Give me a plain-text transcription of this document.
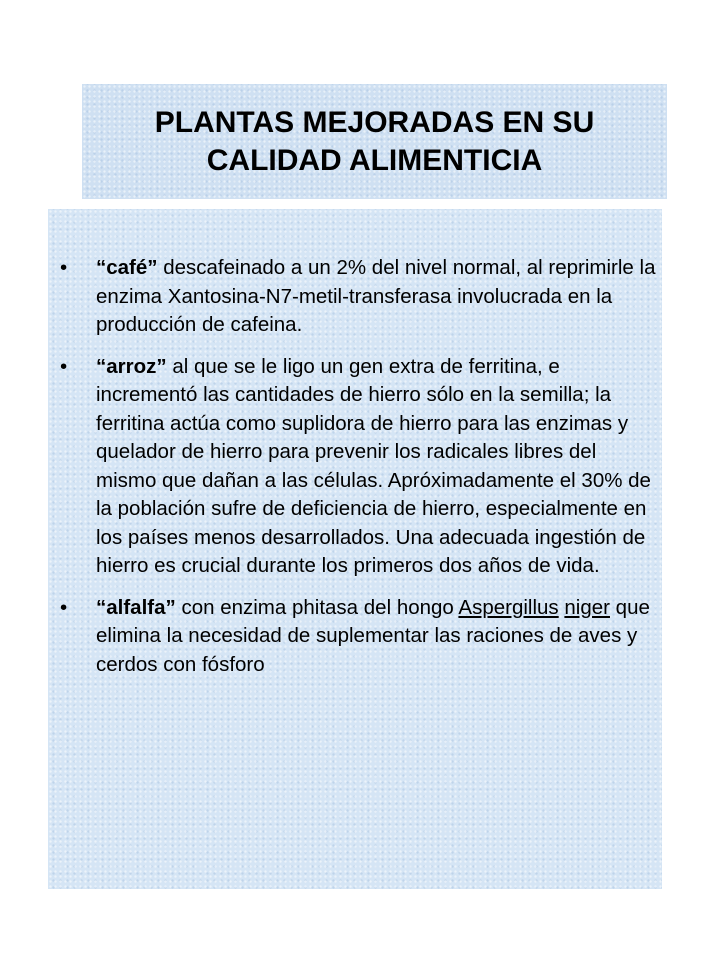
PLANTAS MEJORADAS EN SU
CALIDAD ALIMENTICIA
•	“café” descafeinado a un 2% del nivel normal, al reprimirle la enzima Xantosina-N7-metil-transferasa involucrada en la producción de cafeina.
•	“arroz” al que se le ligo un gen extra de ferritina, e incrementó las cantidades de hierro sólo en la semilla; la ferritina actúa como suplidora de hierro para las enzimas y quelador de hierro para prevenir los radicales libres del mismo que dañan a las células. Apróximadamente el 30% de la población sufre de deficiencia de hierro, especialmente en los países menos desarrollados. Una adecuada ingestión de hierro es crucial durante los primeros dos años de vida.
•	“alfalfa” con enzima phitasa del hongo Aspergillus niger que elimina la necesidad de suplementar las raciones de aves y cerdos con fósforo
